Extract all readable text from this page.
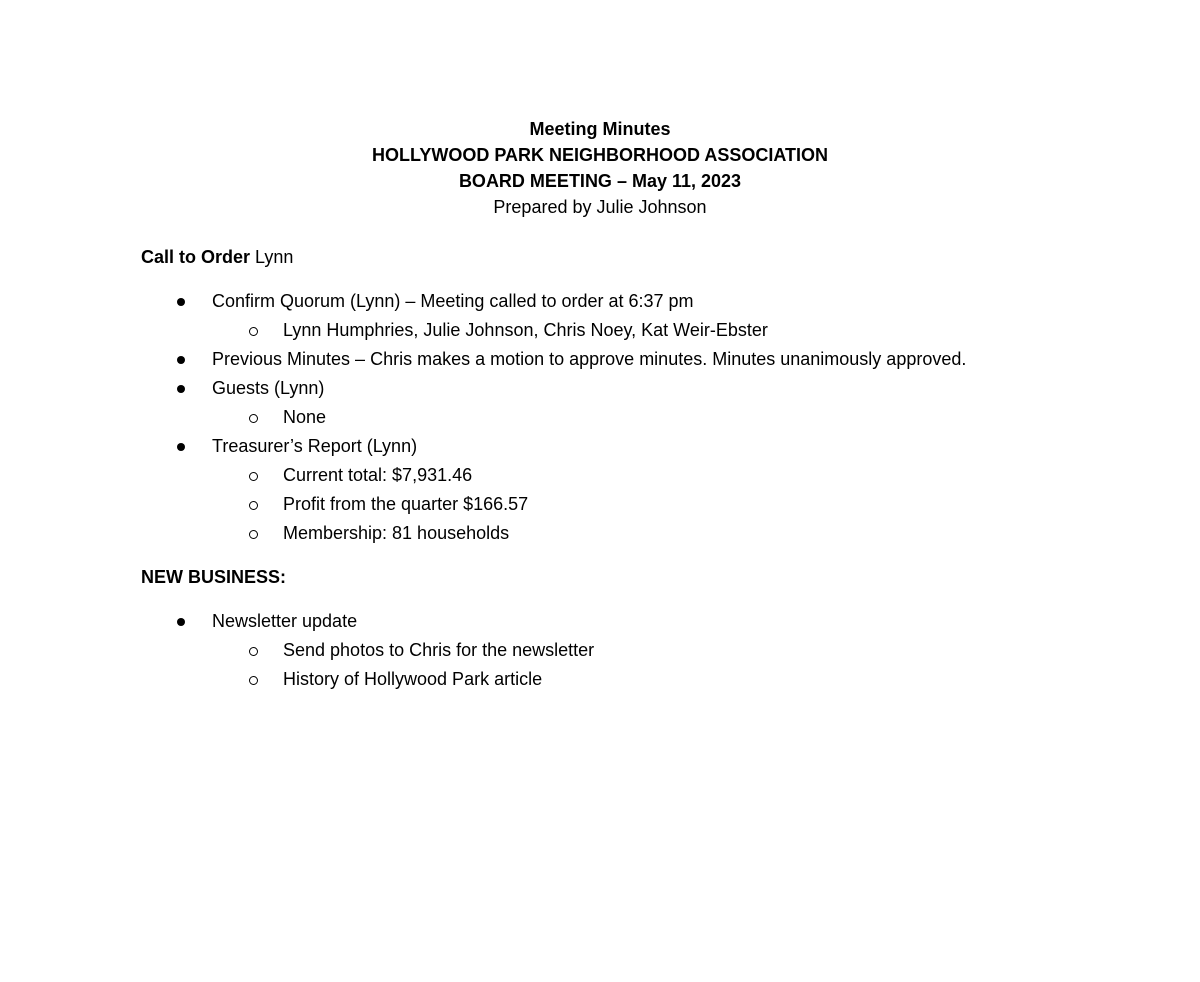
Meeting Minutes
HOLLYWOOD PARK NEIGHBORHOOD ASSOCIATION
BOARD MEETING – May 11, 2023
Prepared by Julie Johnson
Call to Order Lynn
Confirm Quorum (Lynn) – Meeting called to order at 6:37 pm
Lynn Humphries, Julie Johnson, Chris Noey, Kat Weir-Ebster
Previous Minutes – Chris makes a motion to approve minutes. Minutes unanimously approved.
Guests (Lynn)
None
Treasurer’s Report (Lynn)
Current total: $7,931.46
Profit from the quarter $166.57
Membership: 81 households
NEW BUSINESS:
Newsletter update
Send photos to Chris for the newsletter
History of Hollywood Park article
